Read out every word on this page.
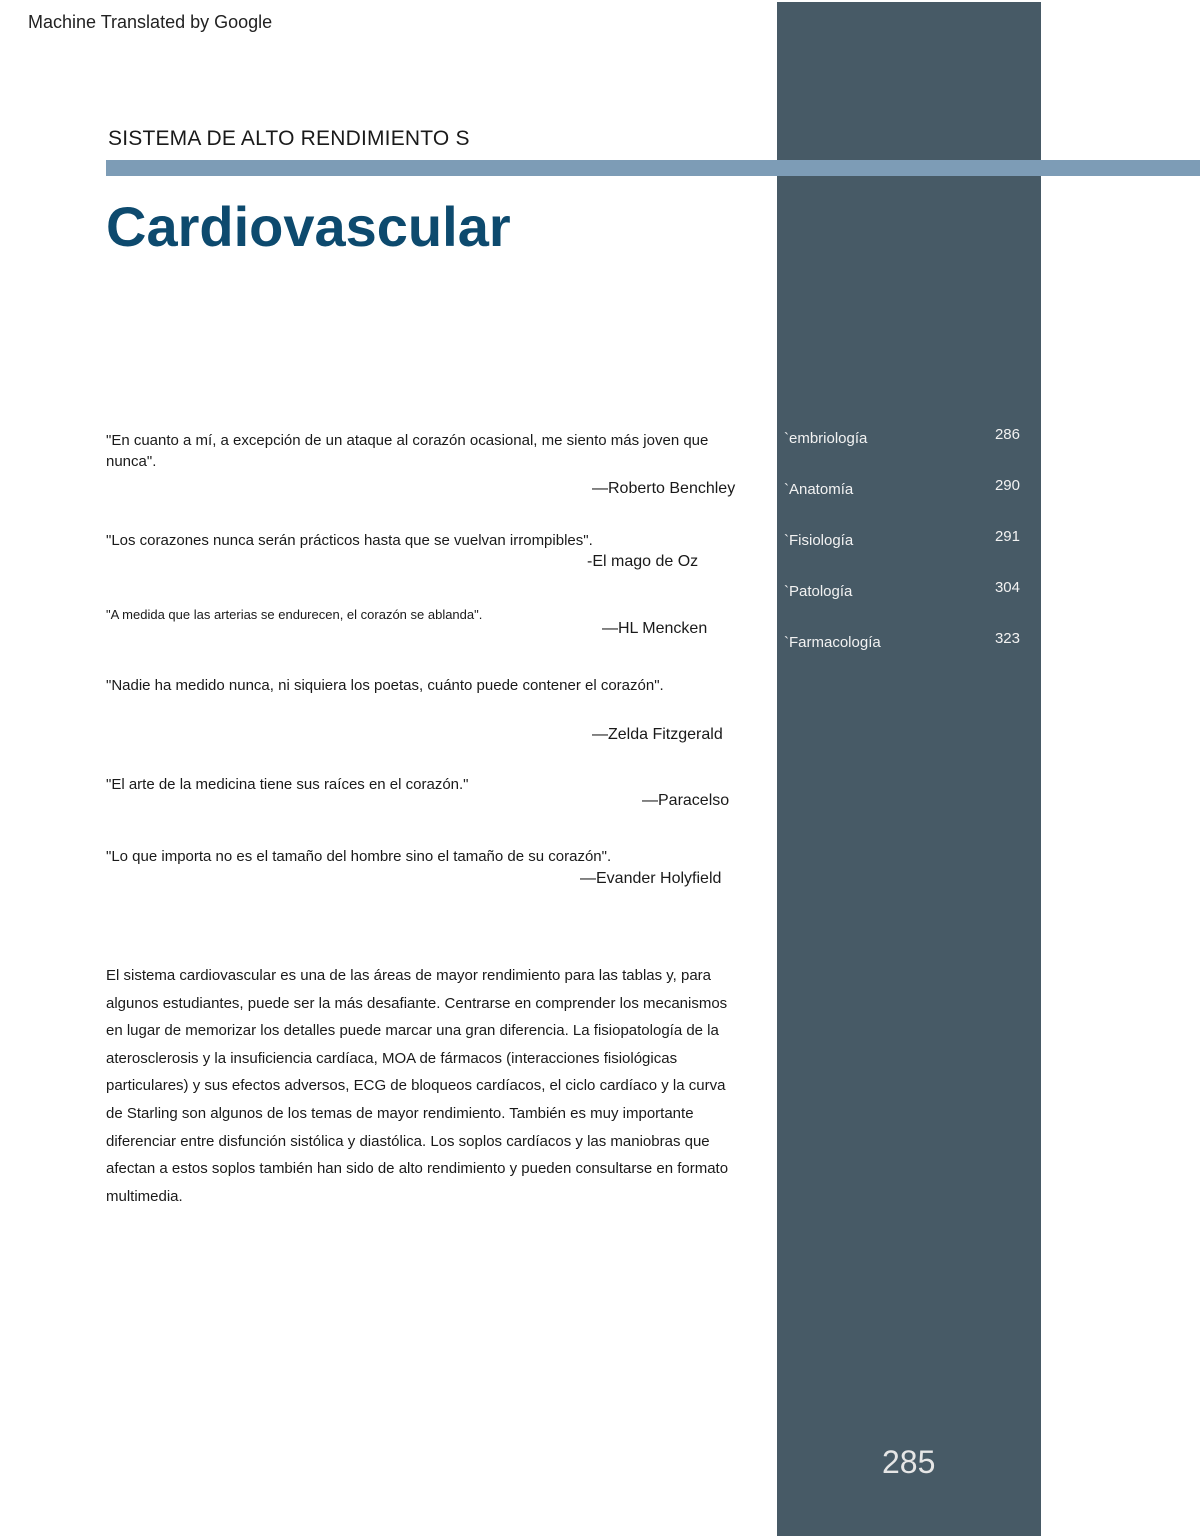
Machine Translated by Google
SISTEMA DE ALTO RENDIMIENTO S
Cardiovascular
"En cuanto a mí, a excepción de un ataque al corazón ocasional, me siento más joven que nunca".
—Roberto Benchley
"Los corazones nunca serán prácticos hasta que se vuelvan irrompibles".
-El mago de Oz
"A medida que las arterias se endurecen, el corazón se ablanda".
—HL Mencken
"Nadie ha medido nunca, ni siquiera los poetas, cuánto puede contener el corazón".
—Zelda Fitzgerald
"El arte de la medicina tiene sus raíces en el corazón."
—Paracelso
"Lo que importa no es el tamaño del hombre sino el tamaño de su corazón".
—Evander Holyfield

El sistema cardiovascular es una de las áreas de mayor rendimiento para las tablas y, para algunos estudiantes, puede ser la más desafiante. Centrarse en comprender los mecanismos en lugar de memorizar los detalles puede marcar una gran diferencia. La fisiopatología de la aterosclerosis y la insuficiencia cardíaca, MOA de fármacos (interacciones fisiológicas particulares) y sus efectos adversos, ECG de bloqueos cardíacos, el ciclo cardíaco y la curva de Starling son algunos de los temas de mayor rendimiento. También es muy importante diferenciar entre disfunción sistólica y diastólica. Los soplos cardíacos y las maniobras que afectan a estos soplos también han sido de alto rendimiento y pueden consultarse en formato multimedia.

`embriología	286
`Anatomía	290
`Fisiología	291
`Patología	304
`Farmacología	323
285
